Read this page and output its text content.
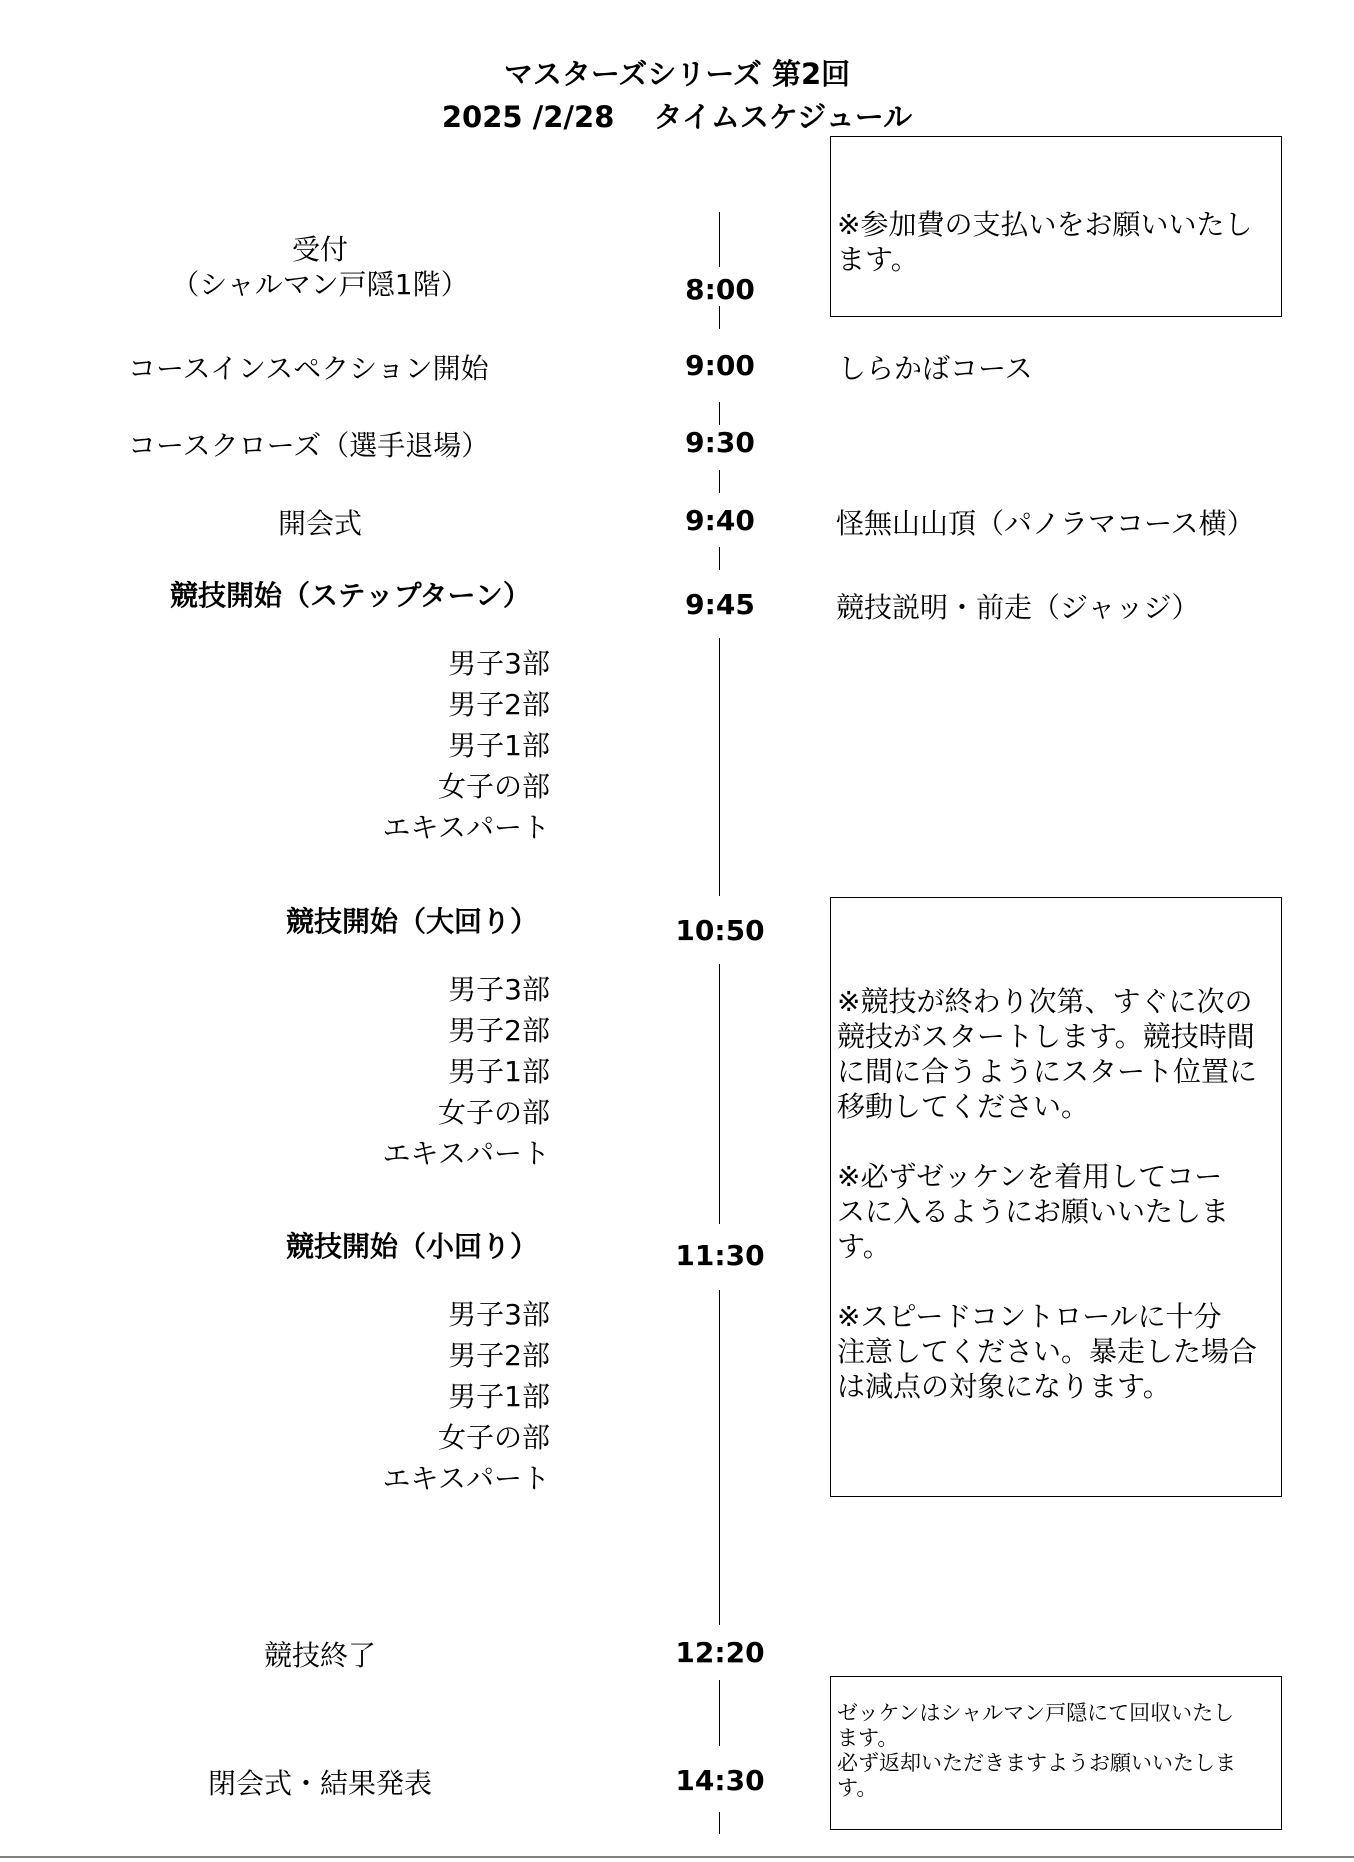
マスターズシリーズ 第2回
2025 /2/28　 タイムスケジュール
受付
（シャルマン戸隠1階）	8:00

※参加費の支払いをお願いいたし

ます。

コースインスペクション開始	9:00	しらかばコース
コースクローズ（選手退場）	9:30
開会式	9:40	怪無山山頂（パノラマコース横）
競技開始（ステップターン）	9:45	競技説明・前走（ジャッジ）
男子3部
男子2部
男子1部
女子の部
エキスパート
競技開始（大回り）	10:50
男子3部
男子2部
男子1部
女子の部
エキスパート

※競技が終わり次第、すぐに次の

競技がスタートします。競技時間

に間に合うようにスタート位置に

移動してください。

※必ずゼッケンを着用してコー

スに入るようにお願いいたしま

す。

※スピードコントロールに十分

注意してください。暴走した場合

は減点の対象になります。

競技開始（小回り）	11:30
男子3部
男子2部
男子1部
女子の部
エキスパート
競技終了	12:20

ゼッケンはシャルマン戸隠にて回収いたし

ます。

必ず返却いただきますようお願いいたしま

す。

閉会式・結果発表	14:30
